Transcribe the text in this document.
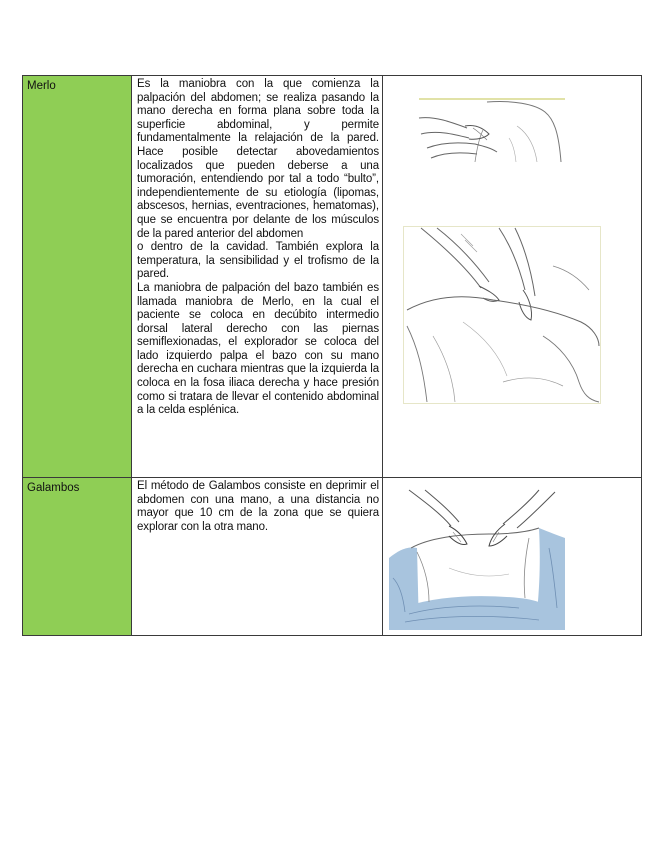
Merlo	Es la maniobra con la que comienza la palpación del abdomen; se realiza pasando la mano derecha en forma plana sobre toda la superficie abdominal, y permite fundamentalmente la relajación de la pared. Hace posible detectar abovedamientos localizados que pueden deberse a una tumoración, entendiendo por tal a todo “bulto”, independientemente de su etiología (lipomas, abscesos, hernias, eventraciones, hematomas), que se encuentra por delante de los músculos de la pared anterior del abdomen

o dentro de la cavidad. También explora la temperatura, la sensibilidad y el trofismo de la pared.

La maniobra de palpación del bazo también es llamada maniobra de Merlo, en la cual el paciente se coloca en decúbito intermedio dorsal lateral derecho con las piernas semiflexionadas, el explorador se coloca del lado izquierdo palpa el bazo con su mano derecha en cuchara mientras que la izquierda la coloca en la fosa iliaca derecha y hace presión como si tratara de llevar el contenido abdominal a la celda esplénica.

Galambos	El método de Galambos consiste en deprimir el abdomen con una mano, a una distancia no mayor que 10 cm de la zona que se quiera explorar con la otra mano.
